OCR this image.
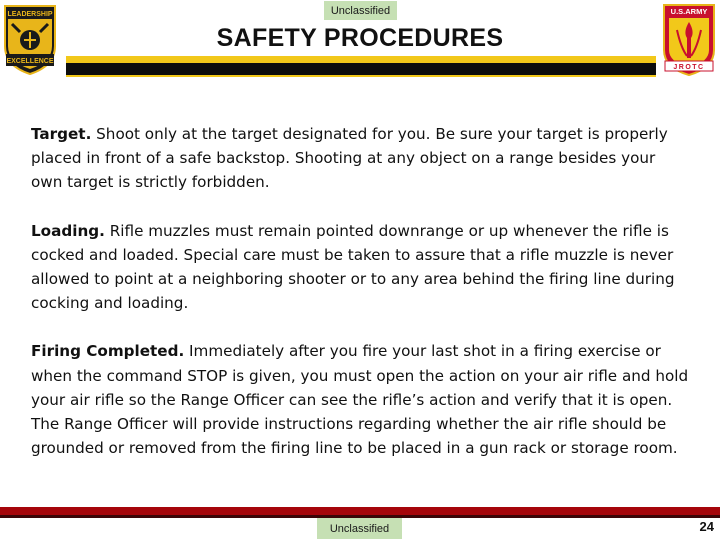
Unclassified
LEADERSHIP
EXCELLENCE
SAFETY PROCEDURES
U.S.ARMY
JROTC

Target. Shoot only at the target designated for you. Be sure your target is properly placed in front of a safe backstop. Shooting at any object on a range besides your own target is strictly forbidden.

Loading. Rifle muzzles must remain pointed downrange or up whenever the rifle is cocked and loaded. Special care must be taken to assure that a rifle muzzle is never allowed to point at a neighboring shooter or to any area behind the firing line during cocking and loading.

Firing Completed. Immediately after you fire your last shot in a firing exercise or when the command STOP is given, you must open the action on your air rifle and hold your air rifle so the Range Officer can see the rifle’s action and verify that it is open. The Range Officer will provide instructions regarding whether the air rifle should be grounded or removed from the firing line to be placed in a gun rack or storage room.

Unclassified	24
